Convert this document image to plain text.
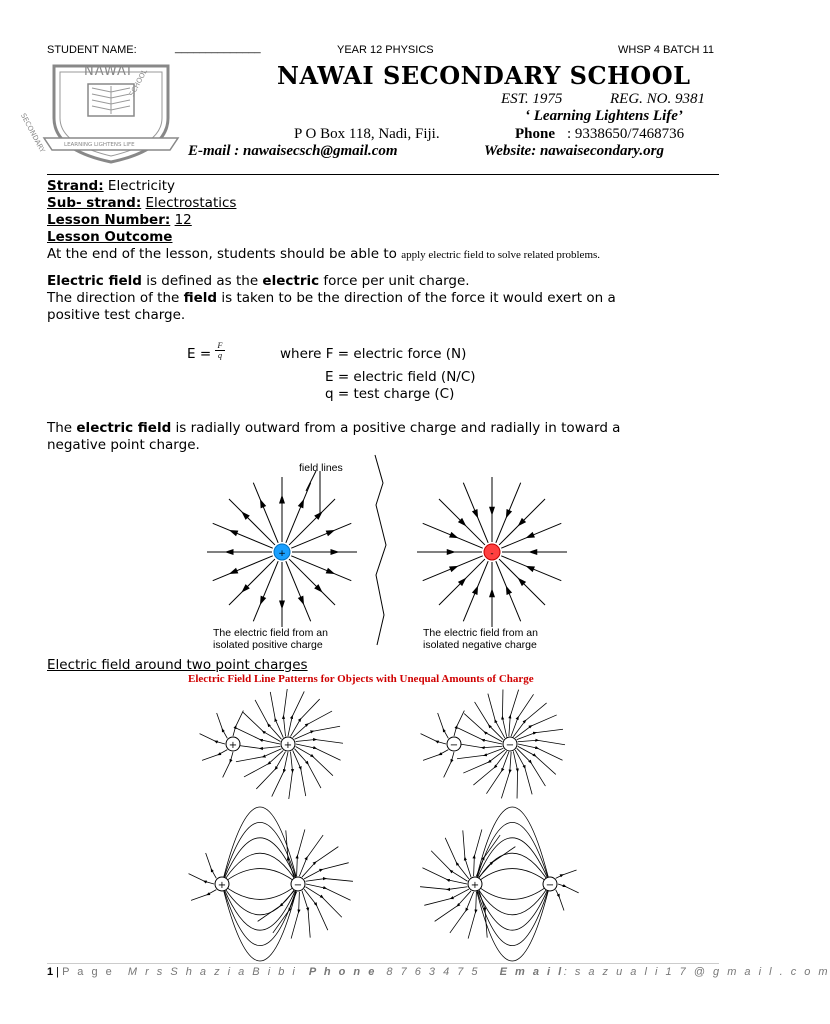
STUDENT NAME:	______________	YEAR 12 PHYSICS	WHSP 4 BATCH 11
NAWAI
SECONDARY
SCHOOL
LEARNING LIGHTENS LIFE
NAWAI SECONDARY SCHOOL
EST. 1975	REG. NO. 9381
‘ Learning Lightens Life’
P O Box 118, Nadi, Fiji.	Phone : 9338650/7468736
E-mail : nawaisecsch@gmail.com	Website: nawaisecondary.org
Strand: Electricity
Sub- strand: Electrostatics
Lesson Number: 12
Lesson Outcome
At the end of the lesson, students should be able to apply electric field to solve related problems.
Electric field is defined as the electric force per unit charge.
The direction of the field is taken to be the direction of the force it would exert on a
positive test charge.
$E = \frac{F}{q}$	where F = electric force (N)
E = electric field (N/C)
q = test charge (C)
The electric field is radially outward from a positive charge and radially in toward a
negative point charge.
+	-
field lines
The electric field from an
isolated positive charge
The electric field from an
isolated negative charge
Electric field around two point charges
Electric Field Line Patterns for Objects with Unequal Amounts of Charge
+	+	−	−
+	−	+	−
1 | P a g e M r s S h a z i a B i b i P h o n e 8 7 6 3 4 7 5 E m a i l: s a z u a l i 1 7 @ g m a i l . c o m
